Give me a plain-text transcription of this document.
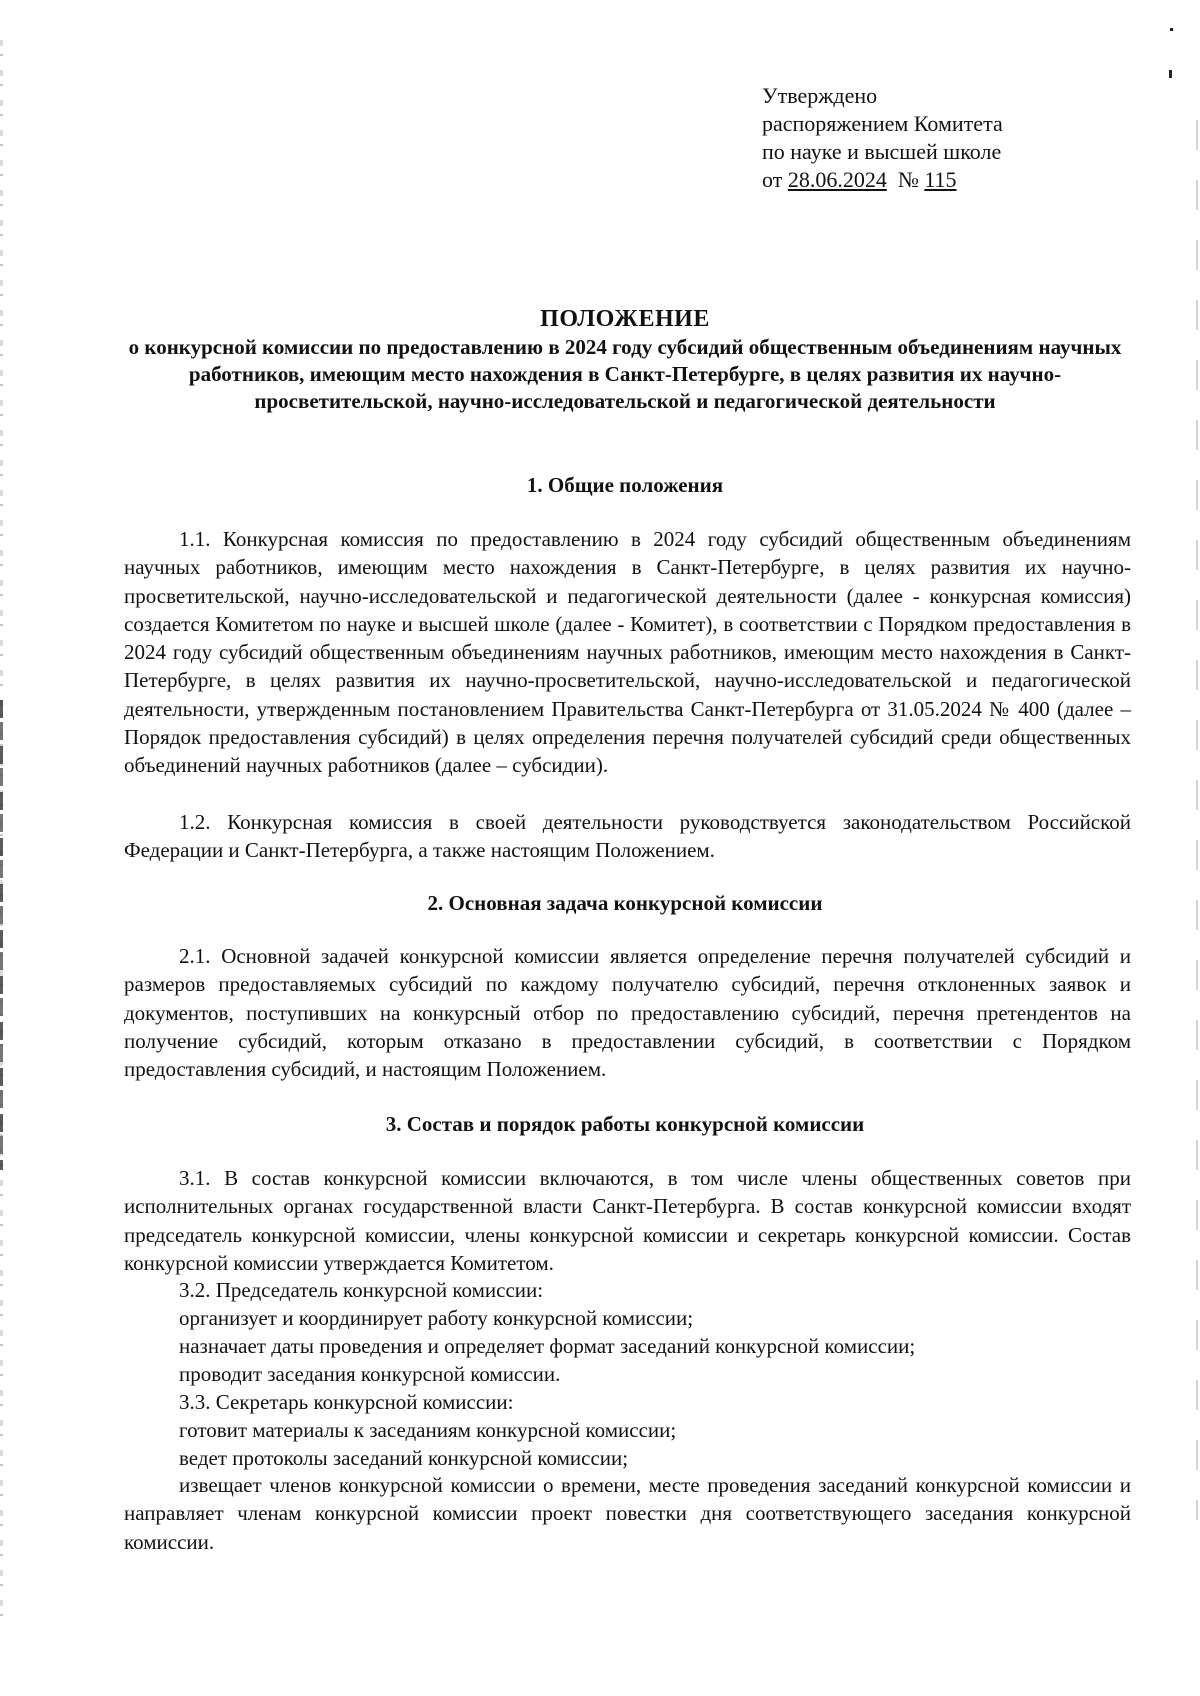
Утверждено
распоряжением Комитета
по науке и высшей школе
от 28.06.2024 № 115
ПОЛОЖЕНИЕ
о конкурсной комиссии по предоставлению в 2024 году субсидий общественным объединениям научных работников, имеющим место нахождения в Санкт-Петербурге, в целях развития их научно-просветительской, научно-исследовательской и педагогической деятельности
1. Общие положения
1.1. Конкурсная комиссия по предоставлению в 2024 году субсидий общественным объединениям научных работников, имеющим место нахождения в Санкт-Петербурге, в целях развития их научно-просветительской, научно-исследовательской и педагогической деятельности (далее - конкурсная комиссия) создается Комитетом по науке и высшей школе (далее - Комитет), в соответствии с Порядком предоставления в 2024 году субсидий общественным объединениям научных работников, имеющим место нахождения в Санкт-Петербурге, в целях развития их научно-просветительской, научно-исследовательской и педагогической деятельности, утвержденным постановлением Правительства Санкт-Петербурга от 31.05.2024 № 400 (далее – Порядок предоставления субсидий) в целях определения перечня получателей субсидий среди общественных объединений научных работников (далее – субсидии).
1.2. Конкурсная комиссия в своей деятельности руководствуется законодательством Российской Федерации и Санкт-Петербурга, а также настоящим Положением.
2. Основная задача конкурсной комиссии
2.1. Основной задачей конкурсной комиссии является определение перечня получателей субсидий и размеров предоставляемых субсидий по каждому получателю субсидий, перечня отклоненных заявок и документов, поступивших на конкурсный отбор по предоставлению субсидий, перечня претендентов на получение субсидий, которым отказано в предоставлении субсидий, в соответствии с Порядком предоставления субсидий, и настоящим Положением.
3. Состав и порядок работы конкурсной комиссии
3.1. В состав конкурсной комиссии включаются, в том числе члены общественных советов при исполнительных органах государственной власти Санкт-Петербурга. В состав конкурсной комиссии входят председатель конкурсной комиссии, члены конкурсной комиссии и секретарь конкурсной комиссии. Состав конкурсной комиссии утверждается Комитетом.
3.2. Председатель конкурсной комиссии:
организует и координирует работу конкурсной комиссии;
назначает даты проведения и определяет формат заседаний конкурсной комиссии;
проводит заседания конкурсной комиссии.
3.3. Секретарь конкурсной комиссии:
готовит материалы к заседаниям конкурсной комиссии;
ведет протоколы заседаний конкурсной комиссии;
извещает членов конкурсной комиссии о времени, месте проведения заседаний конкурсной комиссии и направляет членам конкурсной комиссии проект повестки дня соответствующего заседания конкурсной комиссии.
